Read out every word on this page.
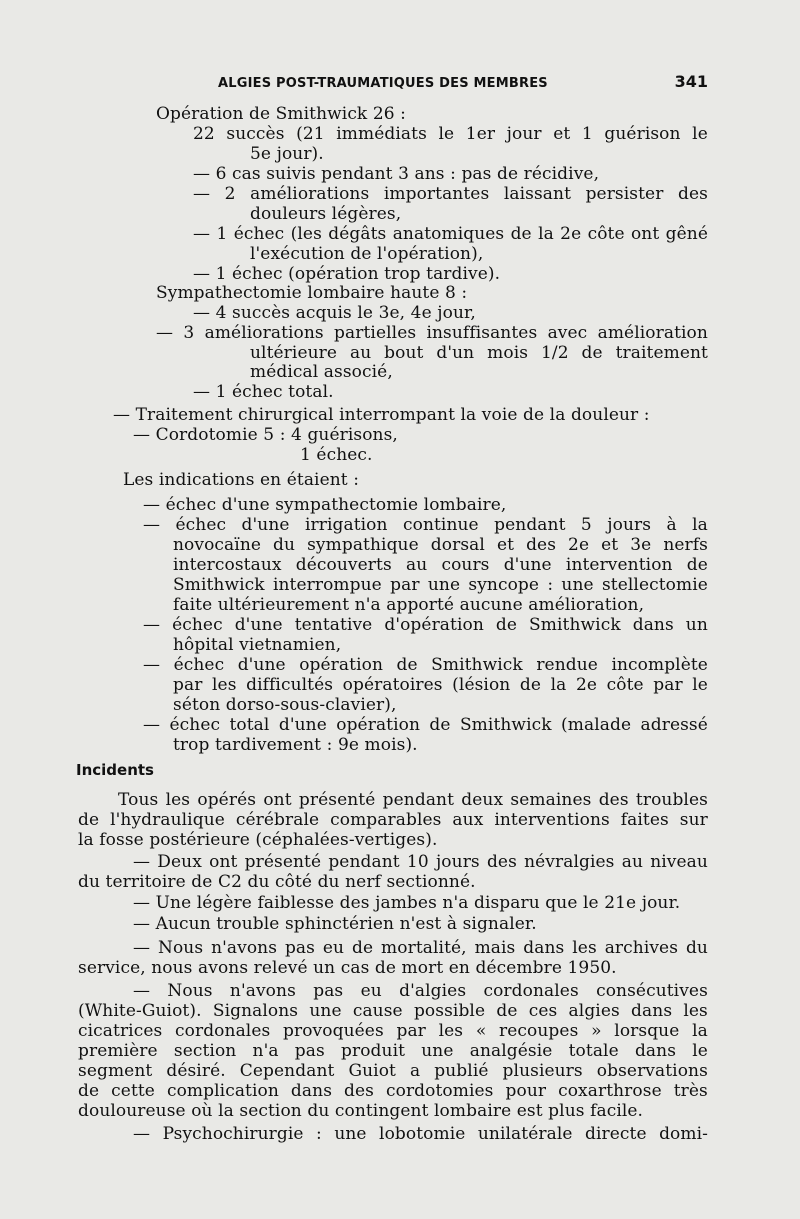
ALGIES POST-TRAUMATIQUES DES MEMBRES	341
Opération de Smithwick 26 :
22 succès (21 immédiats le 1er jour et 1 guérison le
5e jour).
— 6 cas suivis pendant 3 ans : pas de récidive,
— 2 améliorations importantes laissant persister des
douleurs légères,
— 1 échec (les dégâts anatomiques de la 2e côte ont gêné
l'exécution de l'opération),
— 1 échec (opération trop tardive).
Sympathectomie lombaire haute 8 :
— 4 succès acquis le 3e, 4e jour,
— 3 améliorations partielles insuffisantes avec amélioration
ultérieure au bout d'un mois 1/2 de traitement
médical associé,
— 1 échec total.
— Traitement chirurgical interrompant la voie de la douleur :
— Cordotomie 5 : 4 guérisons,
1 échec.
Les indications en étaient :
— échec d'une sympathectomie lombaire,
— échec d'une irrigation continue pendant 5 jours à la
novocaïne du sympathique dorsal et des 2e et 3e nerfs
intercostaux découverts au cours d'une intervention de
Smithwick interrompue par une syncope : une stellectomie
faite ultérieurement n'a apporté aucune amélioration,
— échec d'une tentative d'opération de Smithwick dans un
hôpital vietnamien,
— échec d'une opération de Smithwick rendue incomplète
par les difficultés opératoires (lésion de la 2e côte par le
séton dorso-sous-clavier),
— échec total d'une opération de Smithwick (malade adressé
trop tardivement : 9e mois).
Incidents
Tous les opérés ont présenté pendant deux semaines des troubles
de l'hydraulique cérébrale comparables aux interventions faites sur
la fosse postérieure (céphalées-vertiges).
— Deux ont présenté pendant 10 jours des névralgies au niveau
du territoire de C2 du côté du nerf sectionné.
— Une légère faiblesse des jambes n'a disparu que le 21e jour.
— Aucun trouble sphinctérien n'est à signaler.
— Nous n'avons pas eu de mortalité, mais dans les archives du
service, nous avons relevé un cas de mort en décembre 1950.
— Nous n'avons pas eu d'algies cordonales consécutives
(White-Guiot). Signalons une cause possible de ces algies dans les
cicatrices cordonales provoquées par les « recoupes » lorsque la
première section n'a pas produit une analgésie totale dans le
segment désiré. Cependant Guiot a publié plusieurs observations
de cette complication dans des cordotomies pour coxarthrose très
douloureuse où la section du contingent lombaire est plus facile.
— Psychochirurgie : une lobotomie unilatérale directe domi-
